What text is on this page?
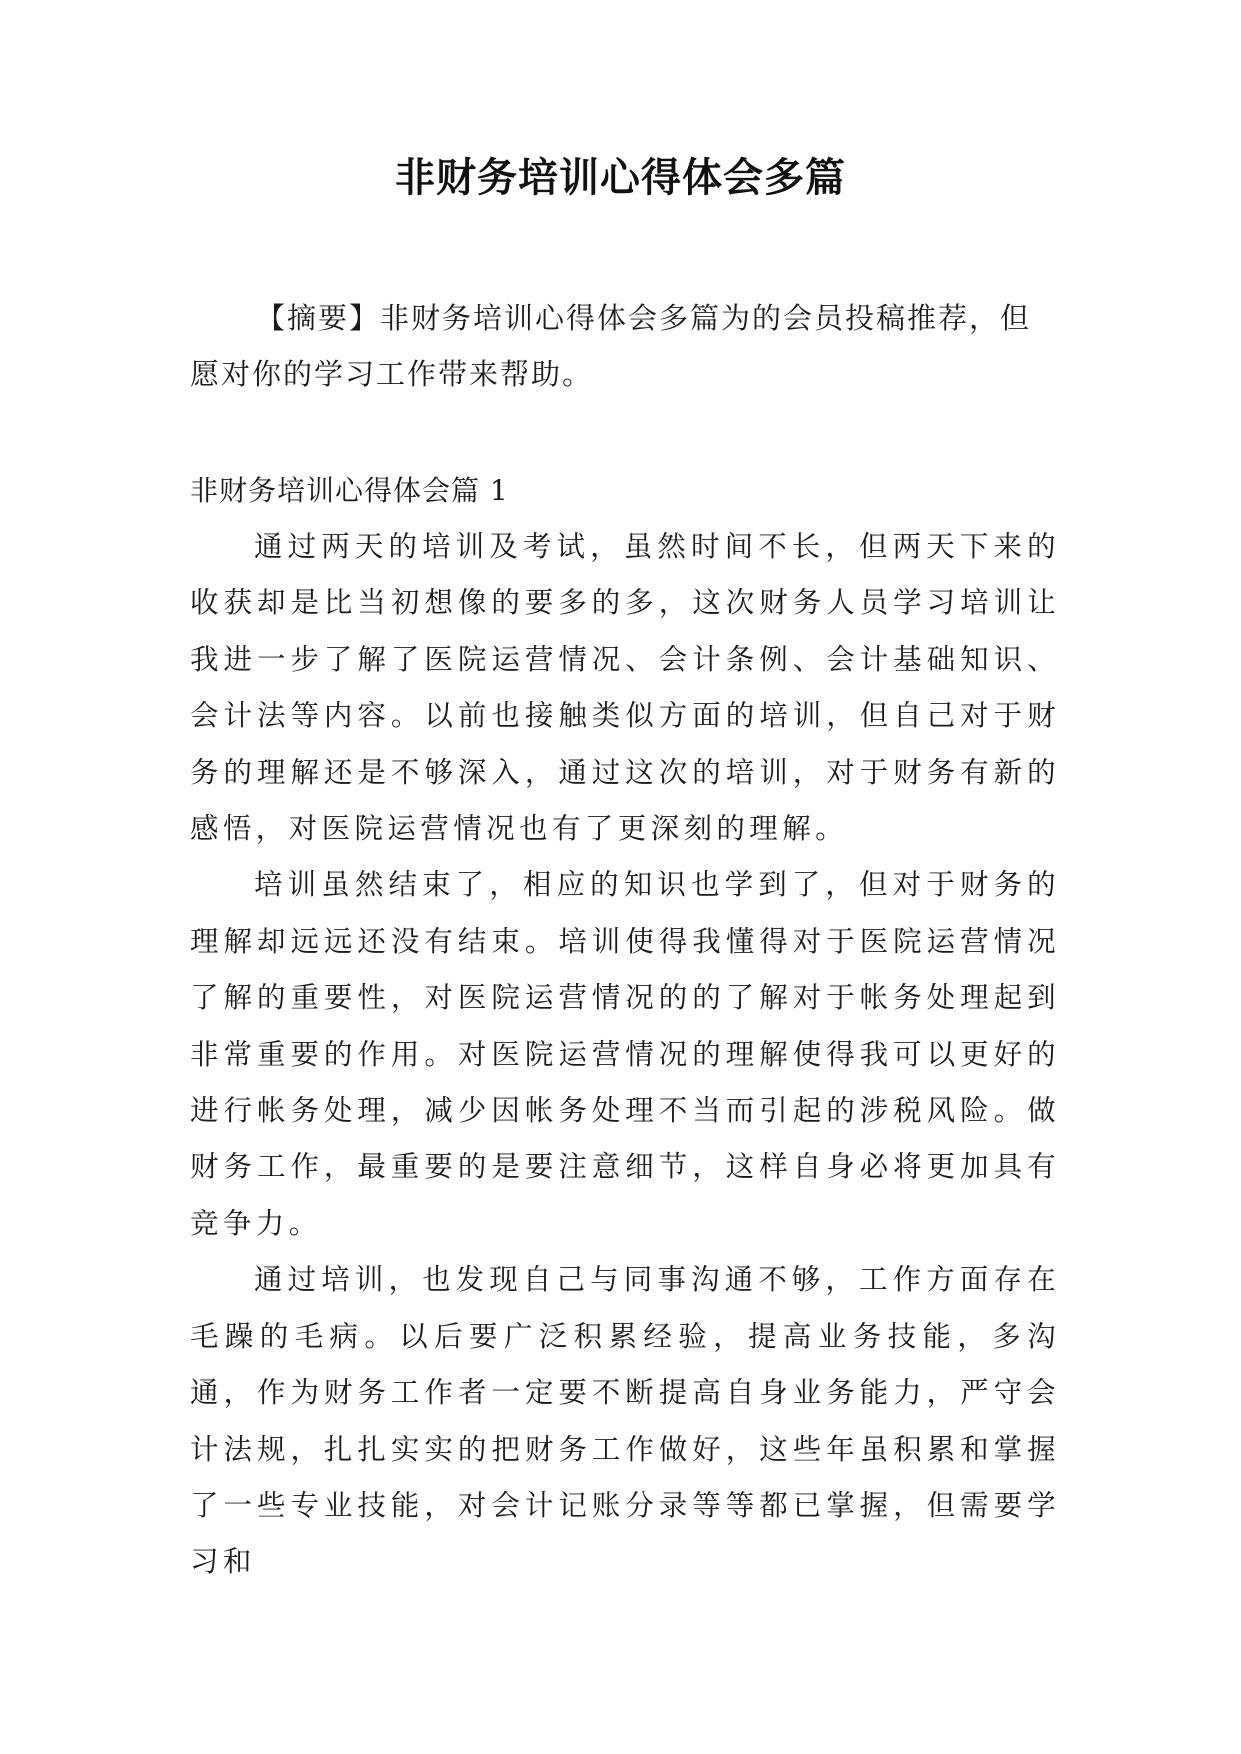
非财务培训心得体会多篇

【摘要】非财务培训心得体会多篇为的会员投稿推荐，但愿对你的学习工作带来帮助。

非财务培训心得体会篇 1

通过两天的培训及考试，虽然时间不长，但两天下来的收获却是比当初想像的要多的多，这次财务人员学习培训让我进一步了解了医院运营情况、会计条例、会计基础知识、会计法等内容。以前也接触类似方面的培训，但自己对于财务的理解还是不够深入，通过这次的培训，对于财务有新的感悟，对医院运营情况也有了更深刻的理解。

培训虽然结束了，相应的知识也学到了，但对于财务的理解却远远还没有结束。培训使得我懂得对于医院运营情况了解的重要性，对医院运营情况的的了解对于帐务处理起到非常重要的作用。对医院运营情况的理解使得我可以更好的进行帐务处理，减少因帐务处理不当而引起的涉税风险。做财务工作，最重要的是要注意细节，这样自身必将更加具有竞争力。

通过培训，也发现自己与同事沟通不够，工作方面存在毛躁的毛病。以后要广泛积累经验，提高业务技能，多沟通，作为财务工作者一定要不断提高自身业务能力，严守会计法规，扎扎实实的把财务工作做好，这些年虽积累和掌握了一些专业技能，对会计记账分录等等都已掌握，但需要学习和
